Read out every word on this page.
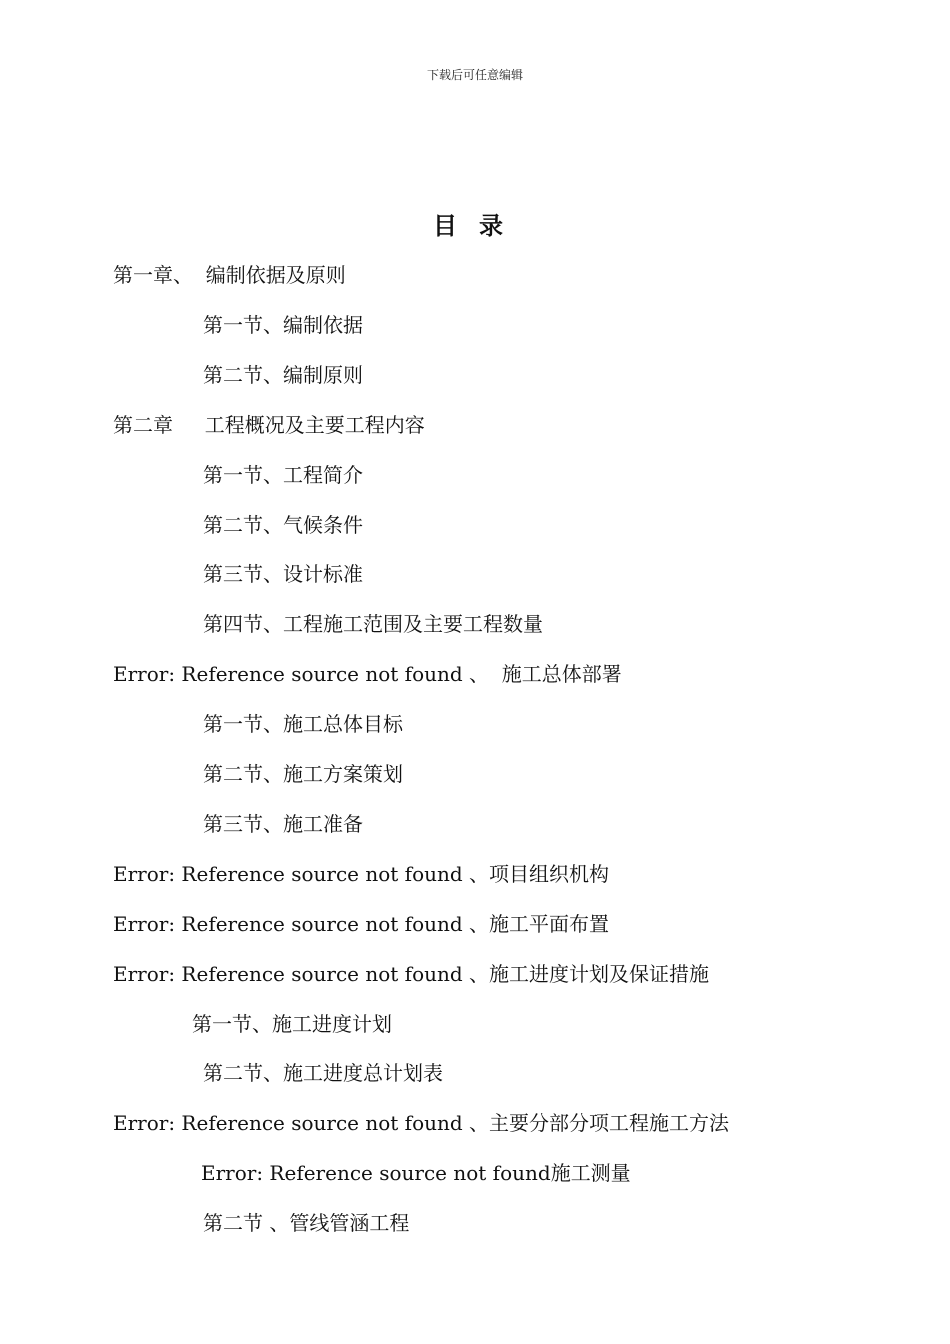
下载后可任意编辑
目录
第一章、  编制依据及原则
第一节、编制依据
第二节、编制原则
第二章     工程概况及主要工程内容
第一节、工程简介
第二节、气候条件
第三节、设计标准
第四节、工程施工范围及主要工程数量
Error: Reference source not found 、  施工总体部署
第一节、施工总体目标
第二节、施工方案策划
第三节、施工准备
Error: Reference source not found 、项目组织机构
Error: Reference source not found 、施工平面布置
Error: Reference source not found 、施工进度计划及保证措施
第一节、施工进度计划
第二节、施工进度总计划表
Error: Reference source not found 、主要分部分项工程施工方法
Error: Reference source not found施工测量
第二节 、管线管涵工程
